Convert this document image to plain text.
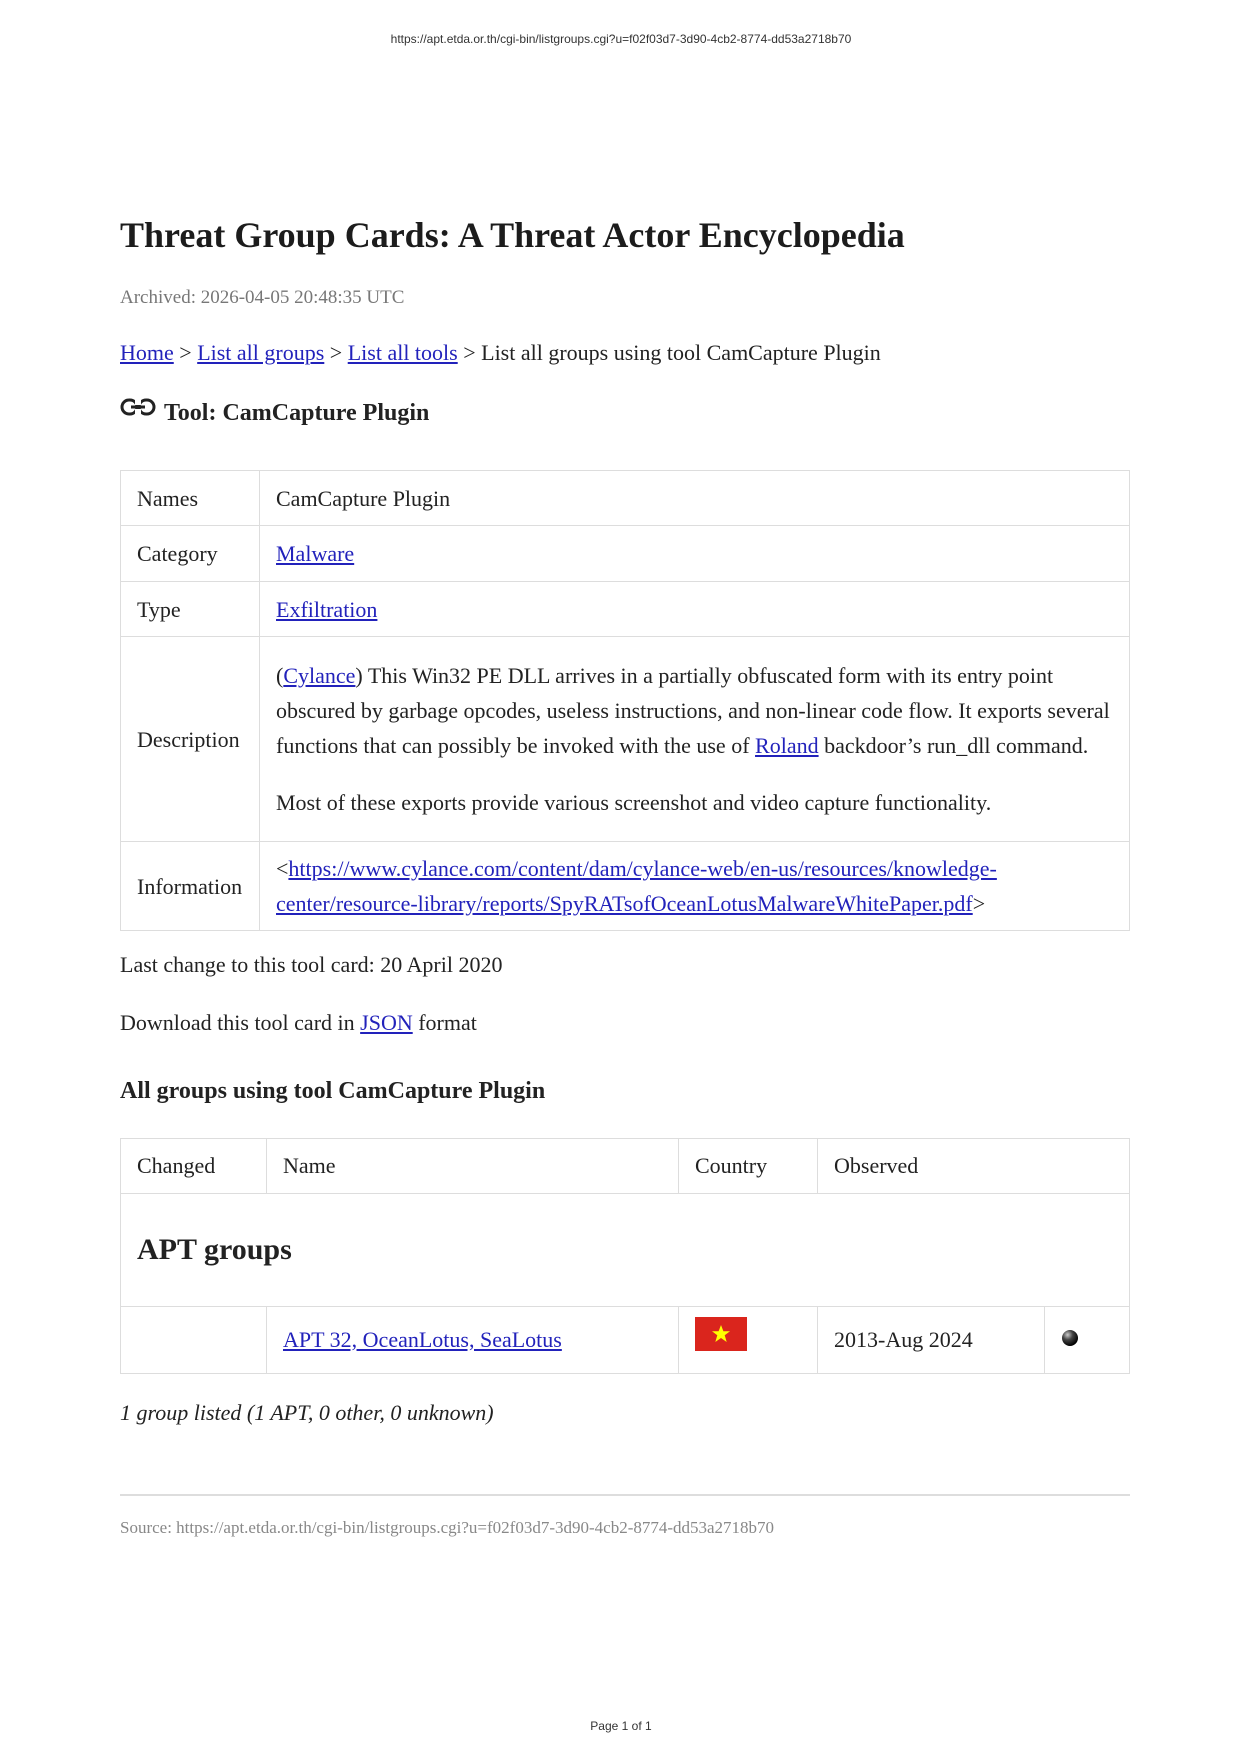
https://apt.etda.or.th/cgi-bin/listgroups.cgi?u=f02f03d7-3d90-4cb2-8774-dd53a2718b70
Threat Group Cards: A Threat Actor Encyclopedia
Archived: 2026-04-05 20:48:35 UTC
Home > List all groups > List all tools > List all groups using tool CamCapture Plugin
Tool: CamCapture Plugin
Names	CamCapture Plugin
Category	Malware
Type	Exfiltration
Description	(Cylance) This Win32 PE DLL arrives in a partially obfuscated form with its entry point obscured by garbage opcodes, useless instructions, and non-linear code flow. It exports several functions that can possibly be invoked with the use of Roland backdoor’s run_dll command.

Most of these exports provide various screenshot and video capture functionality.

Information	<https://www.cylance.com/content/dam/cylance-web/en-us/resources/knowledge-
center/resource-library/reports/SpyRATsofOceanLotusMalwareWhitePaper.pdf>
Last change to this tool card: 20 April 2020
Download this tool card in JSON format
All groups using tool CamCapture Plugin
Changed	Name	Country	Observed	
APT groups				
	APT 32, OceanLotus, SeaLotus		2013-Aug 2024	
1 group listed (1 APT, 0 other, 0 unknown)
Source: https://apt.etda.or.th/cgi-bin/listgroups.cgi?u=f02f03d7-3d90-4cb2-8774-dd53a2718b70
Page 1 of 1
